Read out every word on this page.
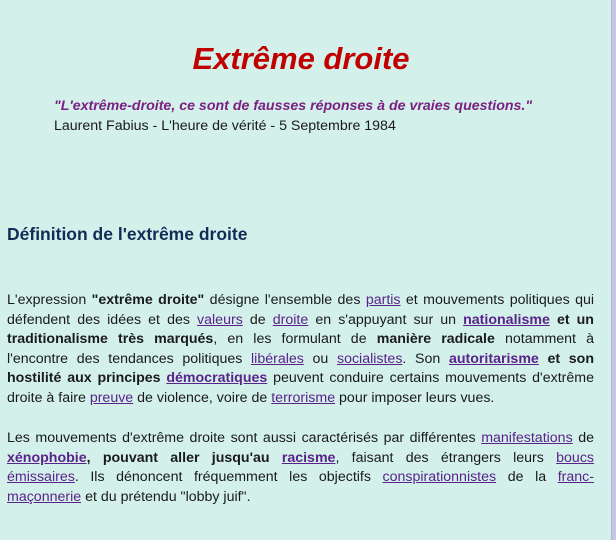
Extrême droite

"L'extrême-droite, ce sont de fausses réponses à de vraies questions."

Laurent Fabius - L'heure de vérité - 5 Septembre 1984

Définition de l'extrême droite

L'expression "extrême droite" désigne l'ensemble des partis et mouvements politiques qui défendent des idées et des valeurs de droite en s'appuyant sur un nationalisme et un traditionalisme très marqués, en les formulant de manière radicale notamment à l'encontre des tendances politiques libérales ou socialistes. Son autoritarisme et son hostilité aux principes démocratiques peuvent conduire certains mouvements d'extrême droite à faire preuve de violence, voire de terrorisme pour imposer leurs vues.

Les mouvements d'extrême droite sont aussi caractérisés par différentes manifestations de xénophobie, pouvant aller jusqu'au racisme, faisant des étrangers leurs boucs émissaires. Ils dénoncent fréquemment les objectifs conspirationnistes de la franc-maçonnerie et du prétendu "lobby juif".
